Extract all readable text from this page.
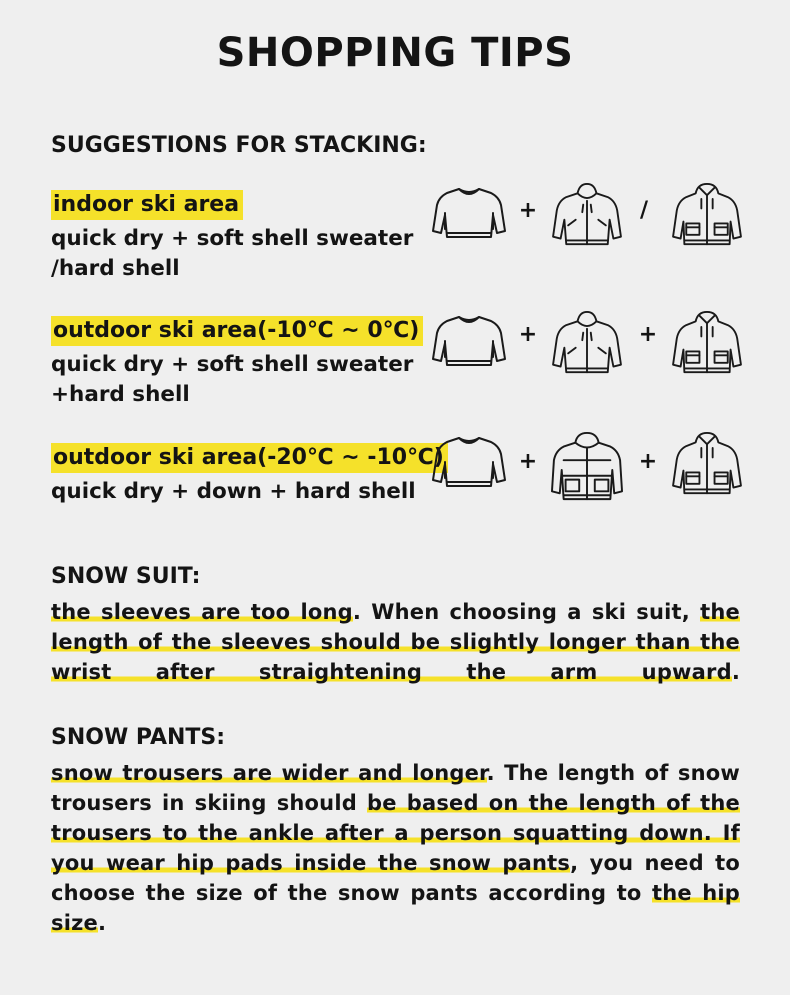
SHOPPING TIPS
SUGGESTIONS FOR STACKING:
indoor ski area
quick dry + soft shell sweater
/hard shell
+	/
outdoor ski area(-10℃ ~ 0℃)
quick dry + soft shell sweater
+hard shell
+	+
outdoor ski area(-20℃ ~ -10℃)
quick dry + down + hard shell
+	+
SNOW SUIT:
the sleeves are too long. When choosing a ski suit, the length of the sleeves should be slightly longer than the wrist after straightening the arm upward.
SNOW PANTS:
snow trousers are wider and longer. The length of snow trousers in skiing should be based on the length of the trousers to the ankle after a person squatting down. If you wear hip pads inside the snow pants, you need to choose the size of the snow pants according to the hip size.
